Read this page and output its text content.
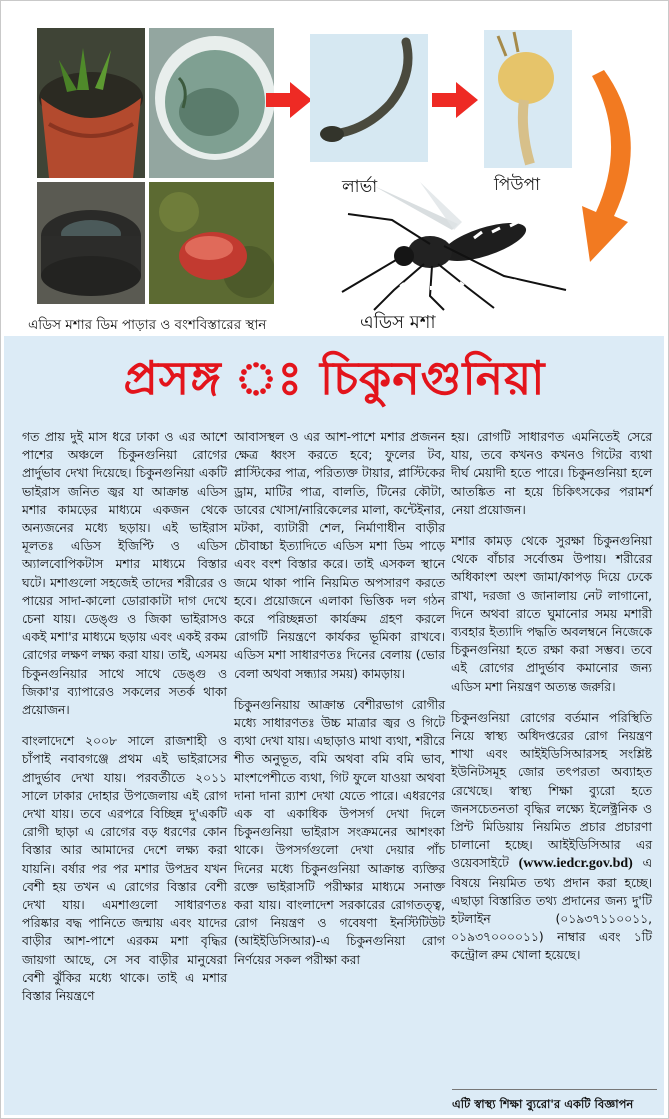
এডিস মশার ডিম পাড়ার ও বংশবিস্তারের স্থান
লার্ভা	পিউপা
এডিস মশা
প্রসঙ্গ ঃ চিকুনগুনিয়া

গত প্রায় দুই মাস ধরে ঢাকা ও এর আশে পাশের অঞ্চলে চিকুনগুনিয়া রোগের প্রার্দুভাব দেখা দিয়েছে। চিকুনগুনিয়া একটি ভাইরাস জনিত জ্বর যা আক্রান্ত এডিস মশার কামড়ের মাধ্যমে একজন থেকে অন্যজনের মধ্যে ছড়ায়। এই ভাইরাস মূলতঃ এডিস ইজিপ্টি ও এডিস অ্যালবোপিকটাস মশার মাধ্যমে বিস্তার ঘটে। মশাগুলো সহজেই তাদের শরীরের ও পায়ের সাদা-কালো ডোরাকাটা দাগ দেখে চেনা যায়। ডেঙ্গু ও জিকা ভাইরাসও একই মশা'র মাধ্যমে ছড়ায় এবং একই রকম রোগের লক্ষণ লক্ষ্য করা যায়। তাই, এসময় চিকুনগুনিয়ার সাথে সাথে ডেঙ্গু ও জিকা'র ব্যাপারেও সকলের সতর্ক থাকা প্রয়োজন।

বাংলাদেশে ২০০৮ সালে রাজশাহী ও চাঁপাই নবাবগঞ্জে প্রথম এই ভাইরাসের প্রাদুর্ভাব দেখা যায়। পরবর্তীতে ২০১১ সালে ঢাকার দোহার উপজেলায় এই রোগ দেখা যায়। তবে এরপরে বিচ্ছিন্ন দু'একটি রোগী ছাড়া এ রোগের বড় ধরণের কোন বিস্তার আর আমাদের দেশে লক্ষ্য করা যায়নি। বর্ষার পর পর মশার উপদ্রব যখন বেশী হয় তখন এ রোগের বিস্তার বেশী দেখা যায়। এমশাগুলো সাধারণতঃ পরিষ্কার বদ্ধ পানিতে জন্মায় এবং যাদের বাড়ীর আশ-পাশে এরকম মশা বৃদ্ধির জায়গা আছে, সে সব বাড়ীর মানুষেরা বেশী ঝুঁকির মধ্যে থাকে। তাই এ মশার বিস্তার নিয়ন্ত্রণে

আবাসস্থল ও এর আশ-পাশে মশার প্রজনন ক্ষেত্র ধ্বংস করতে হবে; ফুলের টব, প্লাস্টিকের পাত্র, পরিত্যক্ত টায়ার, প্লাস্টিকের ড্রাম, মাটির পাত্র, বালতি, টিনের কৌটা, ডাবের খোসা/নারিকেলের মালা, কন্টেইনার, মটকা, ব্যাটারী শেল, নির্মাণাধীন বাড়ীর চৌবাচ্চা ইত্যাদিতে এডিস মশা ডিম পাড়ে এবং বংশ বিস্তার করে। তাই এসকল স্থানে জমে থাকা পানি নিয়মিত অপসারণ করতে হবে। প্রয়োজনে এলাকা ভিত্তিক দল গঠন করে পরিচ্ছন্নতা কার্যক্রম গ্রহণ করলে রোগটি নিয়ন্ত্রণে কার্যকর ভূমিকা রাখবে। এডিস মশা সাধারণতঃ দিনের বেলায় (ভোর বেলা অথবা সন্ধ্যার সময়) কামড়ায়।

চিকুনগুনিয়ায় আক্রান্ত বেশীরভাগ রোগীর মধ্যে সাধারণতঃ উচ্চ মাত্রার জ্বর ও গিটে ব্যথা দেখা যায়। এছাড়াও মাথা ব্যথা, শরীরে শীত অনুভূত, বমি অথবা বমি বমি ভাব, মাংশপেশীতে ব্যথা, গিট ফুলে যাওয়া অথবা দানা দানা র‍্যাশ দেখা যেতে পারে। এধরণের এক বা একাধিক উপসর্গ দেখা দিলে চিকুনগুনিয়া ভাইরাস সংক্রমনের আশংকা থাকে। উপসর্গগুলো দেখা দেয়ার পাঁচ দিনের মধ্যে চিকুনগুনিয়া আক্রান্ত ব্যক্তির রক্তে ভাইরাসটি পরীক্ষার মাধ্যমে সনাক্ত করা যায়। বাংলাদেশ সরকারের রোগতত্ত্ব, রোগ নিয়ন্ত্রণ ও গবেষণা ইনস্টিটিউট (আইইডিসিআর)-এ চিকুনগুনিয়া রোগ নির্ণয়ের সকল পরীক্ষা করা

হয়। রোগটি সাধারণত এমনিতেই সেরে যায়, তবে কখনও কখনও গিটের ব্যথা দীর্ঘ মেয়াদী হতে পারে। চিকুনগুনিয়া হলে আতঙ্কিত না হয়ে চিকিৎসকের পরামর্শ নেয়া প্রয়োজন।

মশার কামড় থেকে সুরক্ষা চিকুনগুনিয়া থেকে বাঁচার সর্বোত্তম উপায়। শরীরের অধিকাংশ অংশ জামা/কাপড় দিয়ে ঢেকে রাখা, দরজা ও জানালায় নেট লাগানো, দিনে অথবা রাতে ঘুমানোর সময় মশারী ব্যবহার ইত্যাদি পদ্ধতি অবলম্বনে নিজেকে চিকুনগুনিয়া হতে রক্ষা করা সম্ভব। তবে এই রোগের প্রাদুর্ভাব কমানোর জন্য এডিস মশা নিয়ন্ত্রণ অত্যন্ত জরুরি।

চিকুনগুনিয়া রোগের বর্তমান পরিস্থিতি নিয়ে স্বাস্থ্য অধিদপ্তরের রোগ নিয়ন্ত্রণ শাখা এবং আইইডিসিআরসহ সংশ্লিষ্ট ইউনিটসমূহ জোর তৎপরতা অব্যাহত রেখেছে। স্বাস্থ্য শিক্ষা ব্যুরো হতে জনসচেতনতা বৃদ্ধির লক্ষ্যে ইলেক্ট্রনিক ও প্রিন্ট মিডিয়ায় নিয়মিত প্রচার প্রচারণা চালানো হচ্ছে। আইইডিসিআর এর ওয়েবসাইটে (www.iedcr.gov.bd) এ বিষয়ে নিয়মিত তথ্য প্রদান করা হচ্ছে। এছাড়া বিস্তারিত তথ্য প্রদানের জন্য দু'টি হটলাইন (০১৯৩৭১১০০১১, ০১৯৩৭০০০০১১) নাম্বার এবং ১টি কন্ট্রোল রুম খোলা হয়েছে।

এটি স্বাস্থ্য শিক্ষা ব্যুরো'র একটি বিজ্ঞাপন
